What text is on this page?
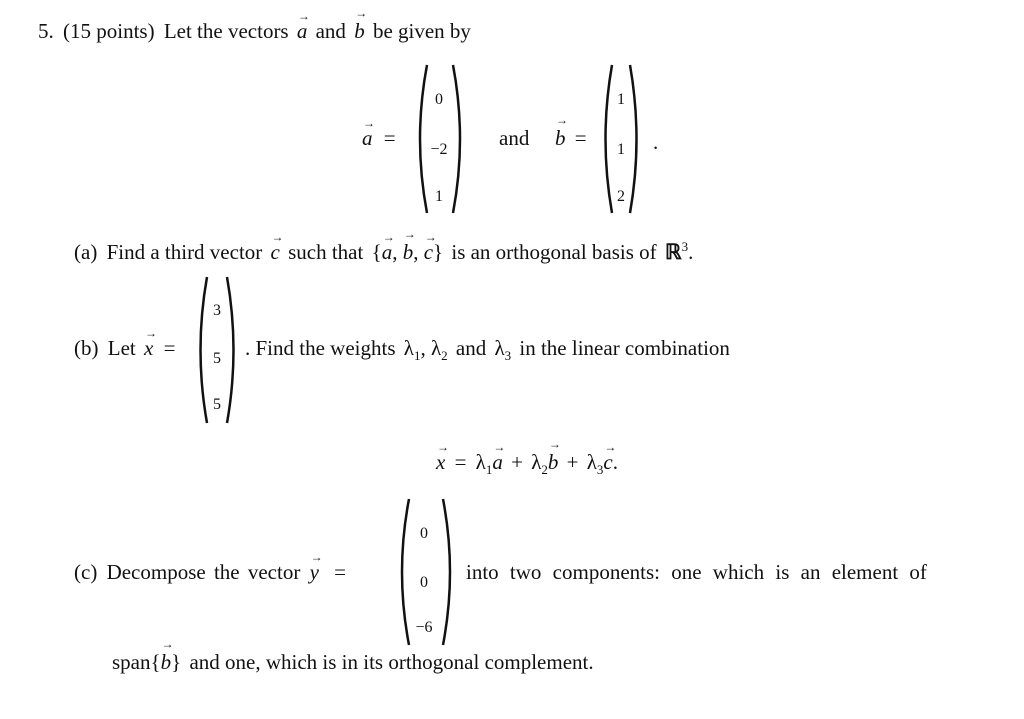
5. (15 points) Let the vectors → a and → b be given by
→ a =
0
−2
1
and → b =
1
1
2
.
(a) Find a third vector → c such that {→ a, → b, → c} is an orthogonal basis of ℝ$^3$.
(b) Let → x =
3
5
5
. Find the weights $\lambda_1$, $\lambda_2$ and $\lambda_3$ in the linear combination
→ $x = \lambda_1\to a + \lambda_2\to b + \lambda_3\to c$.
(c) Decompose the vector → y =
0
0
−6
into two components: one which is an element of
span{→ b} and one, which is in its orthogonal complement.
